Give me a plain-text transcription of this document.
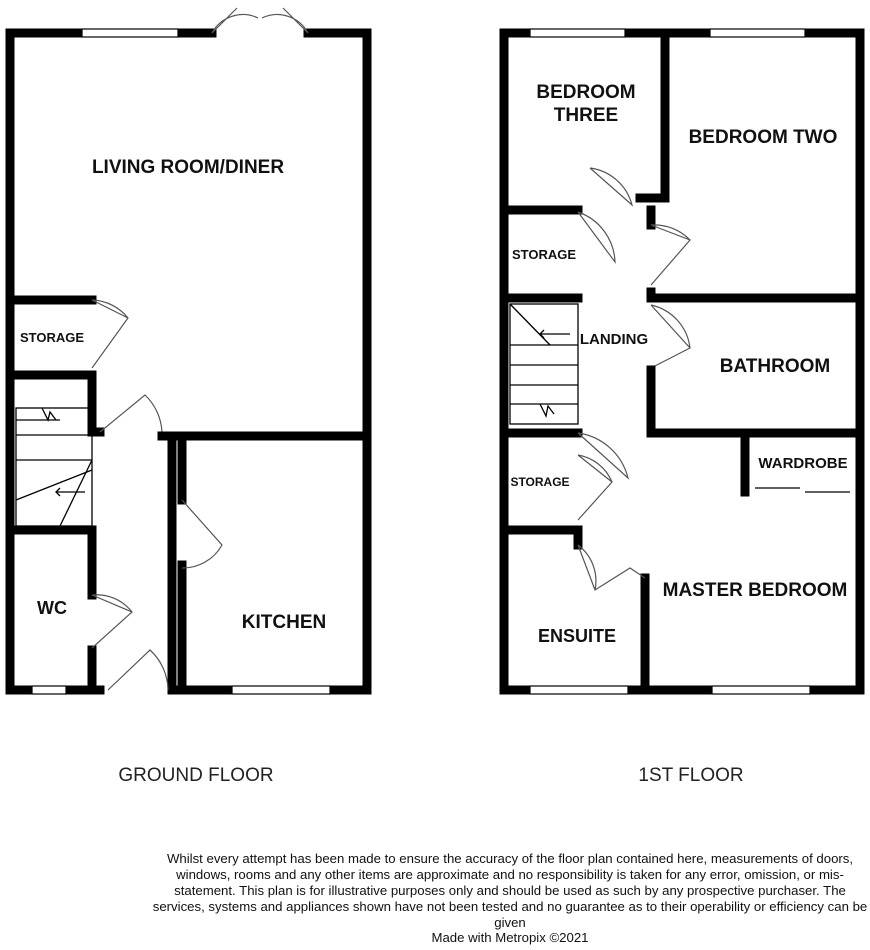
LIVING ROOM/DINER
STORAGE
WC
KITCHEN
BEDROOM
THREE
BEDROOM TWO
STORAGE
LANDING
BATHROOM
STORAGE
WARDROBE
MASTER BEDROOM
ENSUITE
GROUND FLOOR	1ST FLOOR
Whilst every attempt has been made to ensure the accuracy of the floor plan contained here, measurements of doors, windows, rooms and any other items are approximate and no responsibility is taken for any error, omission, or mis-statement. This plan is for illustrative purposes only and should be used as such by any prospective purchaser. The services, systems and appliances shown have not been tested and no guarantee as to their operability or efficiency can be given
Made with Metropix ©2021
